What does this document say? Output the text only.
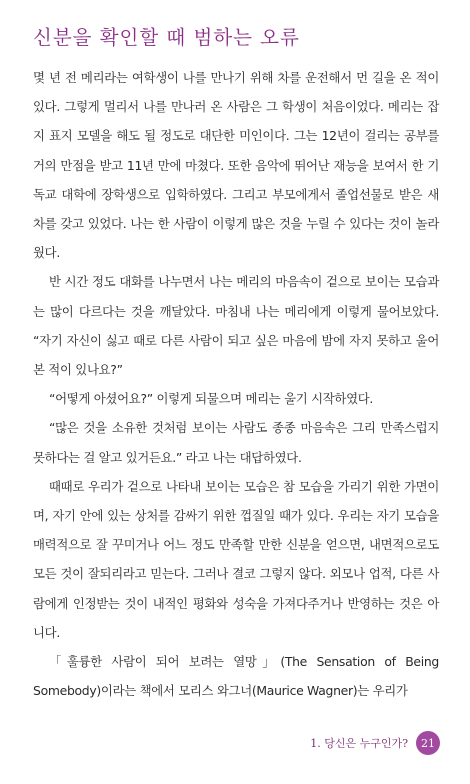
신분을 확인할 때 범하는 오류

몇 년 전 메리라는 여학생이 나를 만나기 위해 차를 운전해서 먼 길을 온 적이 있다. 그렇게 멀리서 나를 만나러 온 사람은 그 학생이 처음이었다. 메리는 잡지 표지 모델을 해도 될 정도로 대단한 미인이다. 그는 12년이 걸리는 공부를 거의 만점을 받고 11년 만에 마쳤다. 또한 음악에 뛰어난 재능을 보여서 한 기독교 대학에 장학생으로 입학하였다. 그리고 부모에게서 졸업선물로 받은 새 차를 갖고 있었다. 나는 한 사람이 이렇게 많은 것을 누릴 수 있다는 것이 놀라웠다.

반 시간 정도 대화를 나누면서 나는 메리의 마음속이 겉으로 보이는 모습과는 많이 다르다는 것을 깨달았다. 마침내 나는 메리에게 이렇게 물어보았다. “자기 자신이 싫고 때로 다른 사람이 되고 싶은 마음에 밤에 자지 못하고 울어본 적이 있나요?”

“어떻게 아셨어요?” 이렇게 되물으며 메리는 울기 시작하였다.

“많은 것을 소유한 것처럼 보이는 사람도 종종 마음속은 그리 만족스럽지 못하다는 걸 알고 있거든요.” 라고 나는 대답하였다.

때때로 우리가 겉으로 나타내 보이는 모습은 참 모습을 가리기 위한 가면이며, 자기 안에 있는 상처를 감싸기 위한 껍질일 때가 있다. 우리는 자기 모습을 매력적으로 잘 꾸미거나 어느 정도 만족할 만한 신분을 얻으면, 내면적으로도 모든 것이 잘되리라고 믿는다. 그러나 결코 그렇지 않다. 외모나 업적, 다른 사람에게 인정받는 것이 내적인 평화와 성숙을 가져다주거나 반영하는 것은 아니다.

「훌륭한 사람이 되어 보려는 열망」(The Sensation of Being Somebody)이라는 책에서 모리스 와그너(Maurice Wagner)는 우리가

1. 당신은 누구인가?	21
